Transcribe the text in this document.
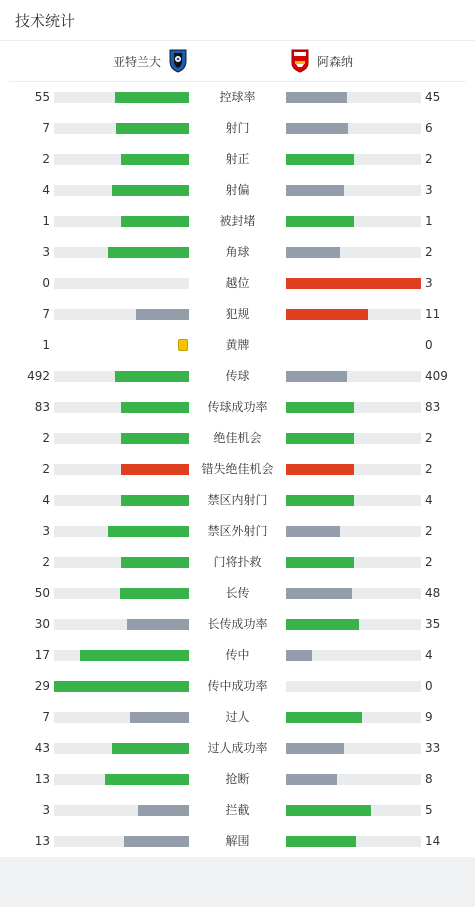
技术统计
亚特兰大	阿森纳
55	控球率	45
7	射门	6
2	射正	2
4	射偏	3
1	被封堵	1
3	角球	2
0	越位	3
7	犯规	11
1	黄牌	0
492	传球	409
83	传球成功率	83
2	绝佳机会	2
2	错失绝佳机会	2
4	禁区内射门	4
3	禁区外射门	2
2	门将扑救	2
50	长传	48
30	长传成功率	35
17	传中	4
29	传中成功率	0
7	过人	9
43	过人成功率	33
13	抢断	8
3	拦截	5
13	解围	14
